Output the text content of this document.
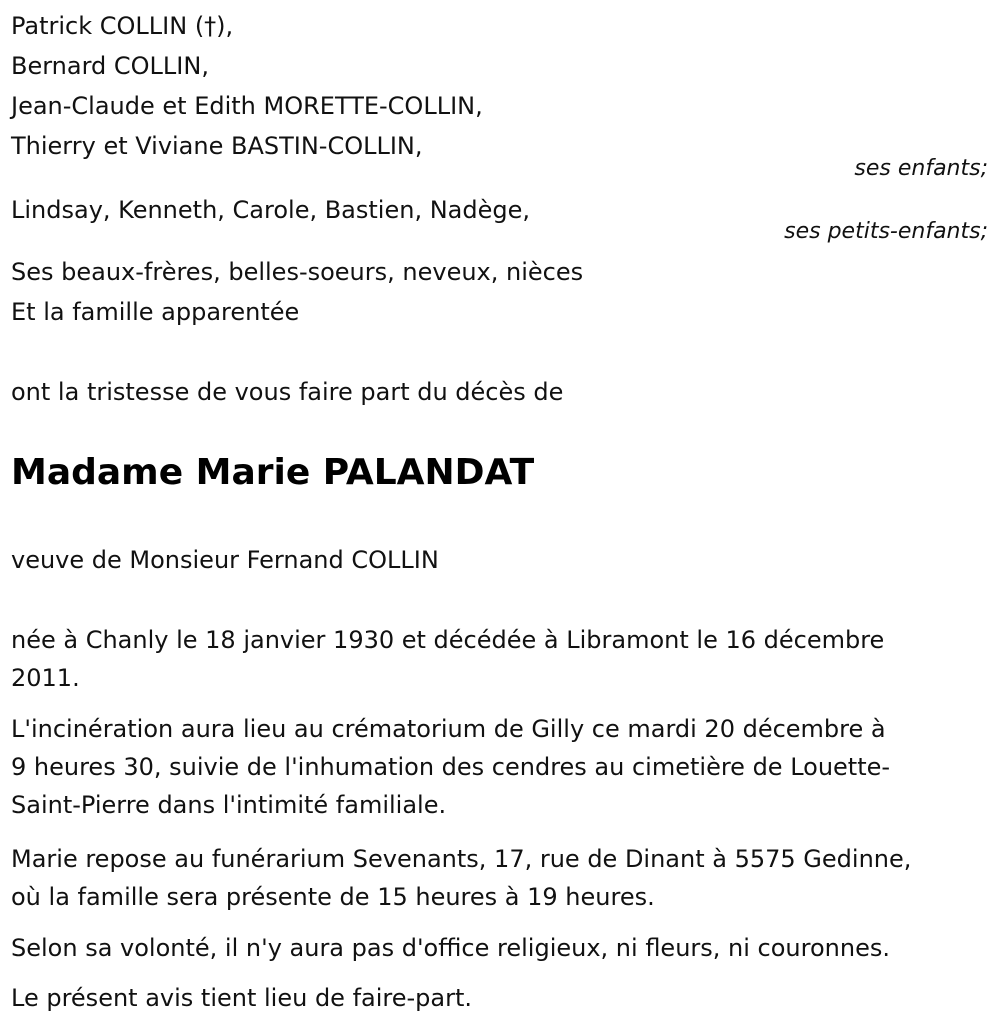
Patrick COLLIN (†),
Bernard COLLIN,
Jean-Claude et Edith MORETTE-COLLIN,
Thierry et Viviane BASTIN-COLLIN,
ses enfants;
Lindsay, Kenneth, Carole, Bastien, Nadège,
ses petits-enfants;
Ses beaux-frères, belles-soeurs, neveux, nièces
Et la famille apparentée
ont la tristesse de vous faire part du décès de
Madame Marie PALANDAT
veuve de Monsieur Fernand COLLIN
née à Chanly le 18 janvier 1930 et décédée à Libramont le 16 décembre
2011.
L'incinération aura lieu au crématorium de Gilly ce mardi 20 décembre à
9 heures 30, suivie de l'inhumation des cendres au cimetière de Louette-
Saint-Pierre dans l'intimité familiale.
Marie repose au funérarium Sevenants, 17, rue de Dinant à 5575 Gedinne,
où la famille sera présente de 15 heures à 19 heures.
Selon sa volonté, il n'y aura pas d'office religieux, ni fleurs, ni couronnes.
Le présent avis tient lieu de faire-part.
